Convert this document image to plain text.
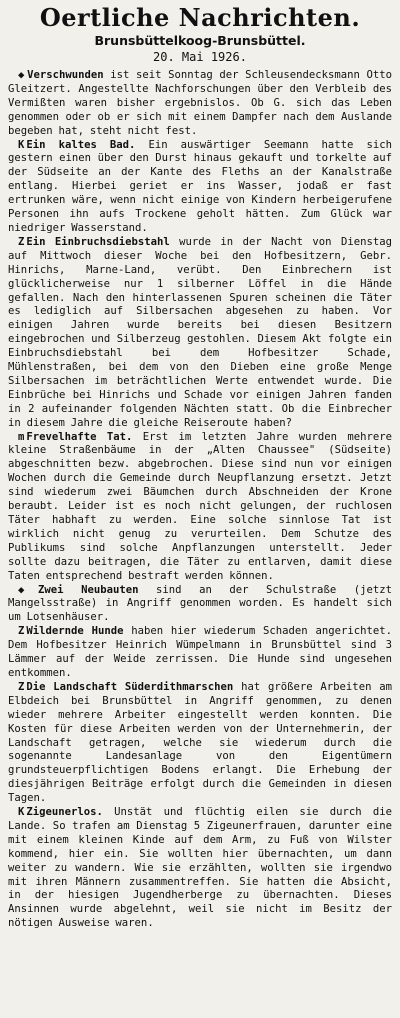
Oertliche Nachrichten.
Brunsbüttelkoog-Brunsbüttel.
20. Mai 1926.

◆ Verschwunden ist seit Sonntag der Schleusendecksmann Otto Gleitzert. Angestellte Nachforschungen über den Verbleib des Vermißten waren bisher ergebnislos. Ob G. sich das Leben genommen oder ob er sich mit einem Dampfer nach dem Auslande begeben hat, steht nicht fest.

K Ein kaltes Bad. Ein auswärtiger Seemann hatte sich gestern einen über den Durst hinaus gekauft und torkelte auf der Südseite an der Kante des Fleths an der Kanalstraße entlang. Hierbei geriet er ins Wasser, jodaß er fast ertrunken wäre, wenn nicht einige von Kindern herbeigerufene Personen ihn aufs Trockene geholt hätten. Zum Glück war niedriger Wasserstand.

Z Ein Einbruchsdiebstahl wurde in der Nacht von Dienstag auf Mittwoch dieser Woche bei den Hofbesitzern, Gebr. Hinrichs, Marne-Land, verübt. Den Einbrechern ist glücklicherweise nur 1 silberner Löffel in die Hände gefallen. Nach den hinterlassenen Spuren scheinen die Täter es lediglich auf Silbersachen abgesehen zu haben. Vor einigen Jahren wurde bereits bei diesen Besitzern eingebrochen und Silberzeug gestohlen. Diesem Akt folgte ein Einbruchsdiebstahl bei dem Hofbesitzer Schade, Mühlenstraßen, bei dem von den Dieben eine große Menge Silbersachen im beträchtlichen Werte entwendet wurde. Die Einbrüche bei Hinrichs und Schade vor einigen Jahren fanden in 2 aufeinander folgenden Nächten statt. Ob die Einbrecher in diesem Jahre die gleiche Reiseroute haben?

m Frevelhafte Tat. Erst im letzten Jahre wurden mehrere kleine Straßenbäume in der „Alten Chaussee" (Südseite) abgeschnitten bezw. abgebrochen. Diese sind nun vor einigen Wochen durch die Gemeinde durch Neupflanzung ersetzt. Jetzt sind wiederum zwei Bäumchen durch Abschneiden der Krone beraubt. Leider ist es noch nicht gelungen, der ruchlosen Täter habhaft zu werden. Eine solche sinnlose Tat ist wirklich nicht genug zu verurteilen. Dem Schutze des Publikums sind solche Anpflanzungen unterstellt. Jeder sollte dazu beitragen, die Täter zu entlarven, damit diese Taten entsprechend bestraft werden können.

◆ Zwei Neubauten sind an der Schulstraße (jetzt Mangelsstraße) in Angriff genommen worden. Es handelt sich um Lotsenhäuser.

Z Wildernde Hunde haben hier wiederum Schaden angerichtet. Dem Hofbesitzer Heinrich Wümpelmann in Brunsbüttel sind 3 Lämmer auf der Weide zerrissen. Die Hunde sind ungesehen entkommen.

Z Die Landschaft Süderdithmarschen hat größere Arbeiten am Elbdeich bei Brunsbüttel in Angriff genommen, zu denen wieder mehrere Arbeiter eingestellt werden konnten. Die Kosten für diese Arbeiten werden von der Unternehmerin, der Landschaft getragen, welche sie wiederum durch die sogenannte Landesanlage von den Eigentümern grundsteuerpflichtigen Bodens erlangt. Die Erhebung der diesjährigen Beiträge erfolgt durch die Gemeinden in diesen Tagen.

K Zigeunerlos. Unstät und flüchtig eilen sie durch die Lande. So trafen am Dienstag 5 Zigeunerfrauen, darunter eine mit einem kleinen Kinde auf dem Arm, zu Fuß von Wilster kommend, hier ein. Sie wollten hier übernachten, um dann weiter zu wandern. Wie sie erzählten, wollten sie irgendwo mit ihren Männern zusammentreffen. Sie hatten die Absicht, in der hiesigen Jugendherberge zu übernachten. Dieses Ansinnen wurde abgelehnt, weil sie nicht im Besitz der nötigen Ausweise waren.
